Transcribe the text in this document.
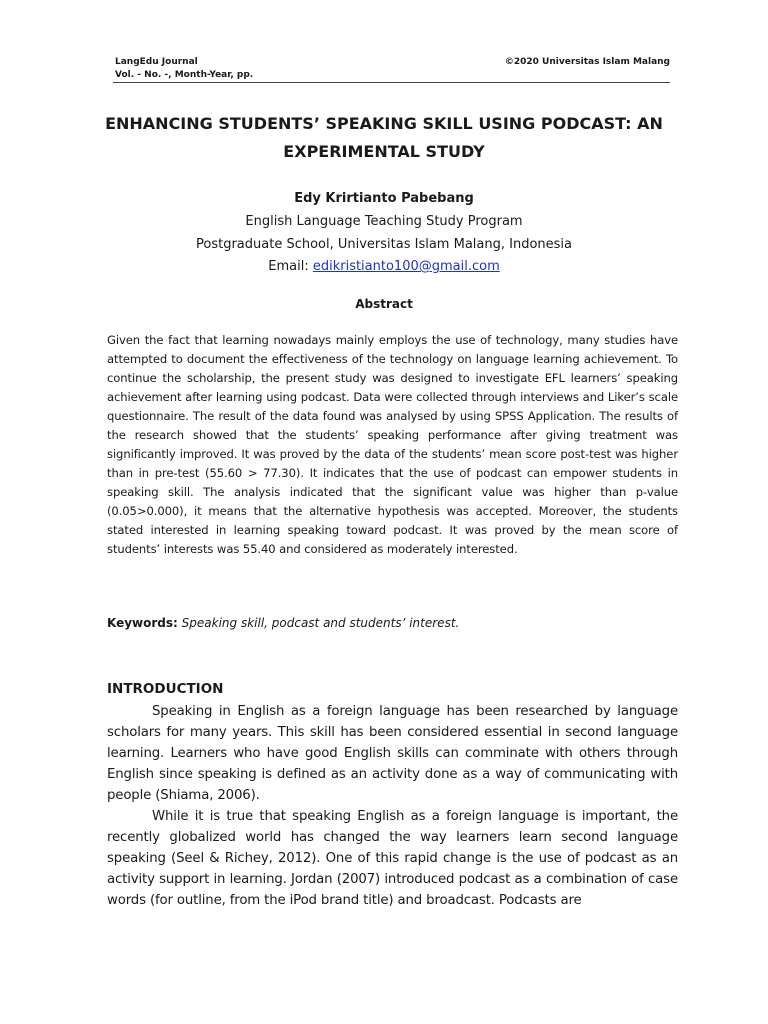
LangEdu Journal
Vol. - No. -, Month-Year, pp.
©2020 Universitas Islam Malang
ENHANCING STUDENTS’ SPEAKING SKILL USING PODCAST: AN
EXPERIMENTAL STUDY
Edy Krirtianto Pabebang
English Language Teaching Study Program
Postgraduate School, Universitas Islam Malang, Indonesia
Email: edikristianto100@gmail.com
Abstract
Given the fact that learning nowadays mainly employs the use of technology, many studies have attempted to document the effectiveness of the technology on language learning achievement. To continue the scholarship, the present study was designed to investigate EFL learners’ speaking achievement after learning using podcast. Data were collected through interviews and Liker’s scale questionnaire. The result of the data found was analysed by using SPSS Application. The results of the research showed that the students’ speaking performance after giving treatment was significantly improved. It was proved by the data of the students’ mean score post-test was higher than in pre-test (55.60 > 77.30). It indicates that the use of podcast can empower students in speaking skill. The analysis indicated that the significant value was higher than p-value (0.05>0.000), it means that the alternative hypothesis was accepted. Moreover, the students stated interested in learning speaking toward podcast. It was proved by the mean score of students’ interests was 55.40 and considered as moderately interested.
Keywords: Speaking skill, podcast and students’ interest.
INTRODUCTION

Speaking in English as a foreign language has been researched by language scholars for many years. This skill has been considered essential in second language learning. Learners who have good English skills can comminate with others through English since speaking is defined as an activity done as a way of communicating with people (Shiama, 2006).

While it is true that speaking English as a foreign language is important, the recently globalized world has changed the way learners learn second language speaking (Seel & Richey, 2012). One of this rapid change is the use of podcast as an activity support in learning. Jordan (2007) introduced podcast as a combination of case words (for outline, from the iPod brand title) and broadcast. Podcasts are
